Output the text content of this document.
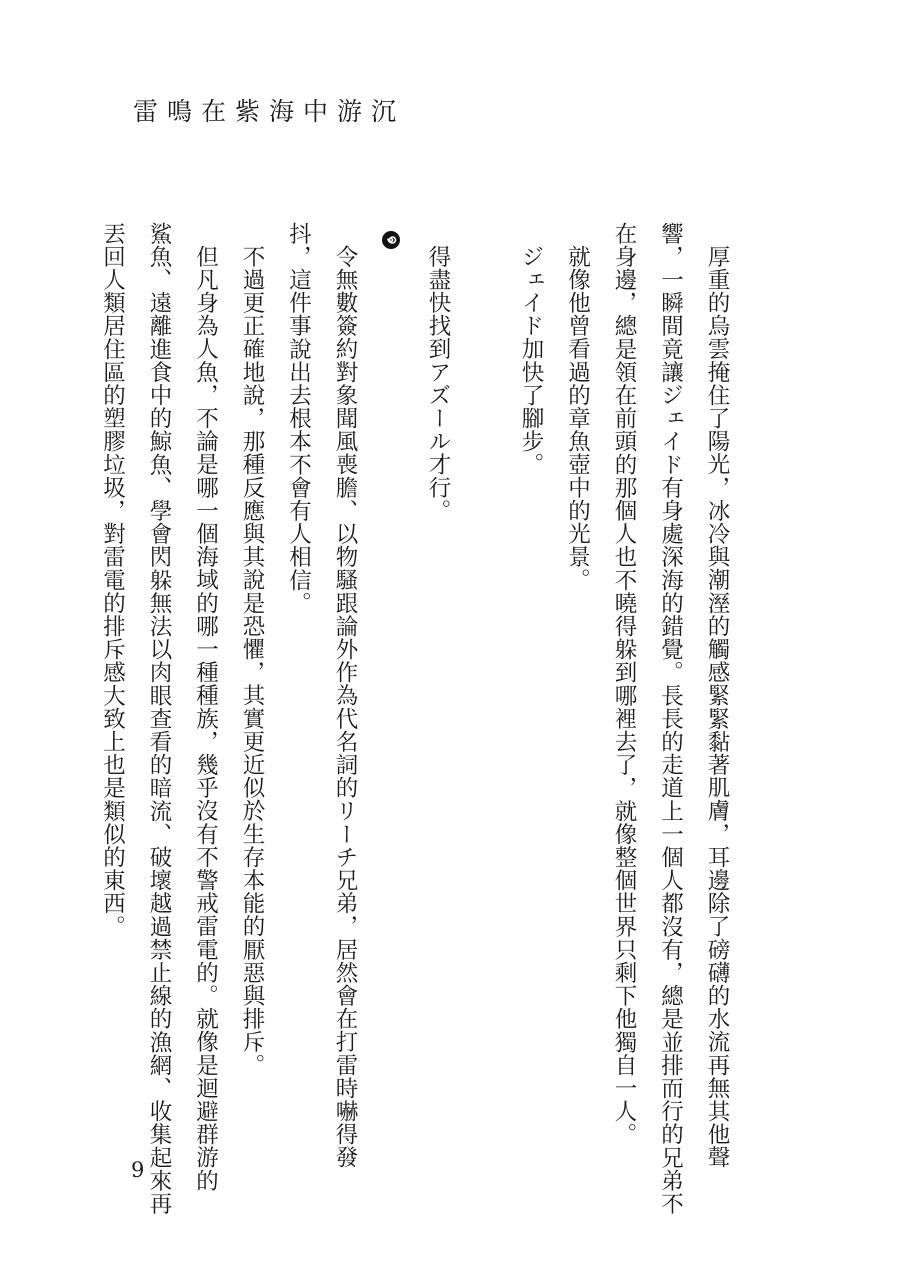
雷鳴在紫海中游沉
厚重的烏雲掩住了陽光，冰冷與潮溼的觸感緊緊黏著肌膚，耳邊除了磅礴的水流再無其他聲
響，一瞬間竟讓ジェイド有身處深海的錯覺。長長的走道上一個人都沒有，總是並排而行的兄弟不
在身邊，總是領在前頭的那個人也不曉得躲到哪裡去了，就像整個世界只剩下他獨自一人。
就像他曾看過的章魚壺中的光景。
ジェイド加快了腳步。
得盡快找到アズール才行。
令無數簽約對象聞風喪膽、以物騷跟論外作為代名詞的リーチ兄弟，居然會在打雷時嚇得發
抖，這件事說出去根本不會有人相信。
不過更正確地說，那種反應與其說是恐懼，其實更近似於生存本能的厭惡與排斥。
但凡身為人魚，不論是哪一個海域的哪一種種族，幾乎沒有不警戒雷電的。就像是迴避群游的
鯊魚、遠離進食中的鯨魚、學會閃躲無法以肉眼查看的暗流、破壞越過禁止線的漁網、收集起來再
丟回人類居住區的塑膠垃圾，對雷電的排斥感大致上也是類似的東西。
9
